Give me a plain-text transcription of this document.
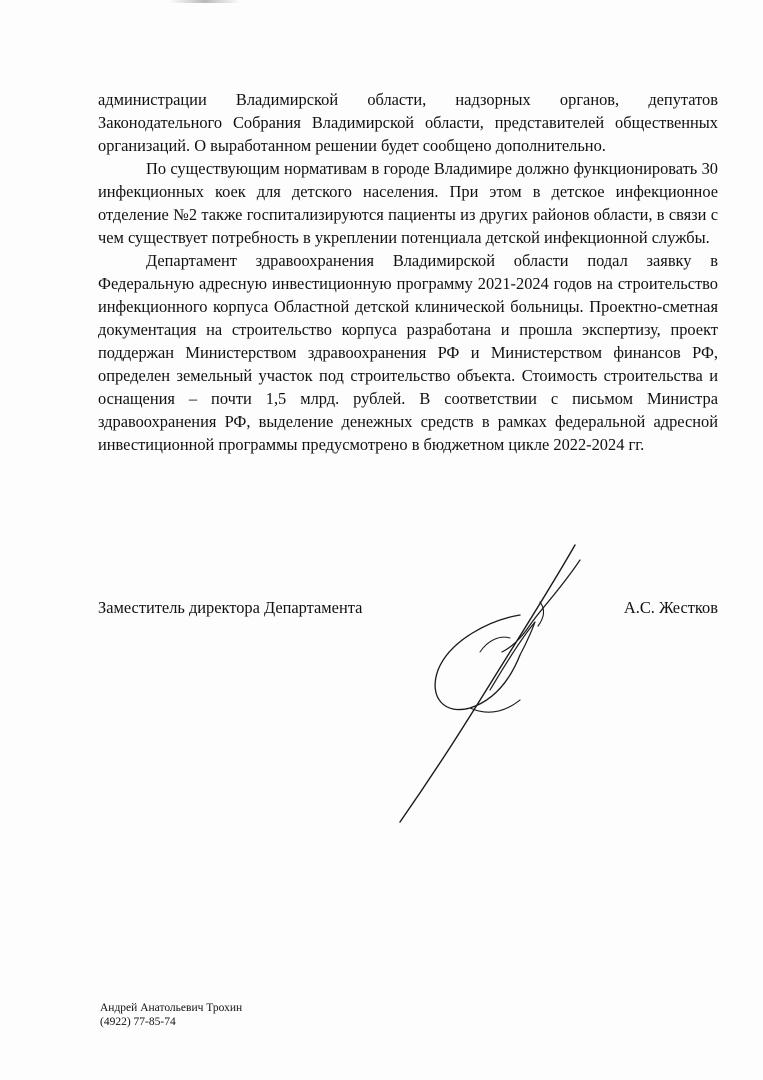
администрации Владимирской области, надзорных органов, депутатов Законодательного Собрания Владимирской области, представителей общественных организаций. О выработанном решении будет сообщено дополнительно.

По существующим нормативам в городе Владимире должно функционировать 30 инфекционных коек для детского населения. При этом в детское инфекционное отделение №2 также госпитализируются пациенты из других районов области, в связи с чем существует потребность в укреплении потенциала детской инфекционной службы.

Департамент здравоохранения Владимирской области подал заявку в Федеральную адресную инвестиционную программу 2021-2024 годов на строительство инфекционного корпуса Областной детской клинической больницы. Проектно-сметная документация на строительство корпуса разработана и прошла экспертизу, проект поддержан Министерством здравоохранения РФ и Министерством финансов РФ, определен земельный участок под строительство объекта. Стоимость строительства и оснащения – почти 1,5 млрд. рублей. В соответствии с письмом Министра здравоохранения РФ, выделение денежных средств в рамках федеральной адресной инвестиционной программы предусмотрено в бюджетном цикле 2022-2024 гг.

Заместитель директора Департамента	А.С. Жестков
Андрей Анатольевич Трохин
(4922) 77-85-74
